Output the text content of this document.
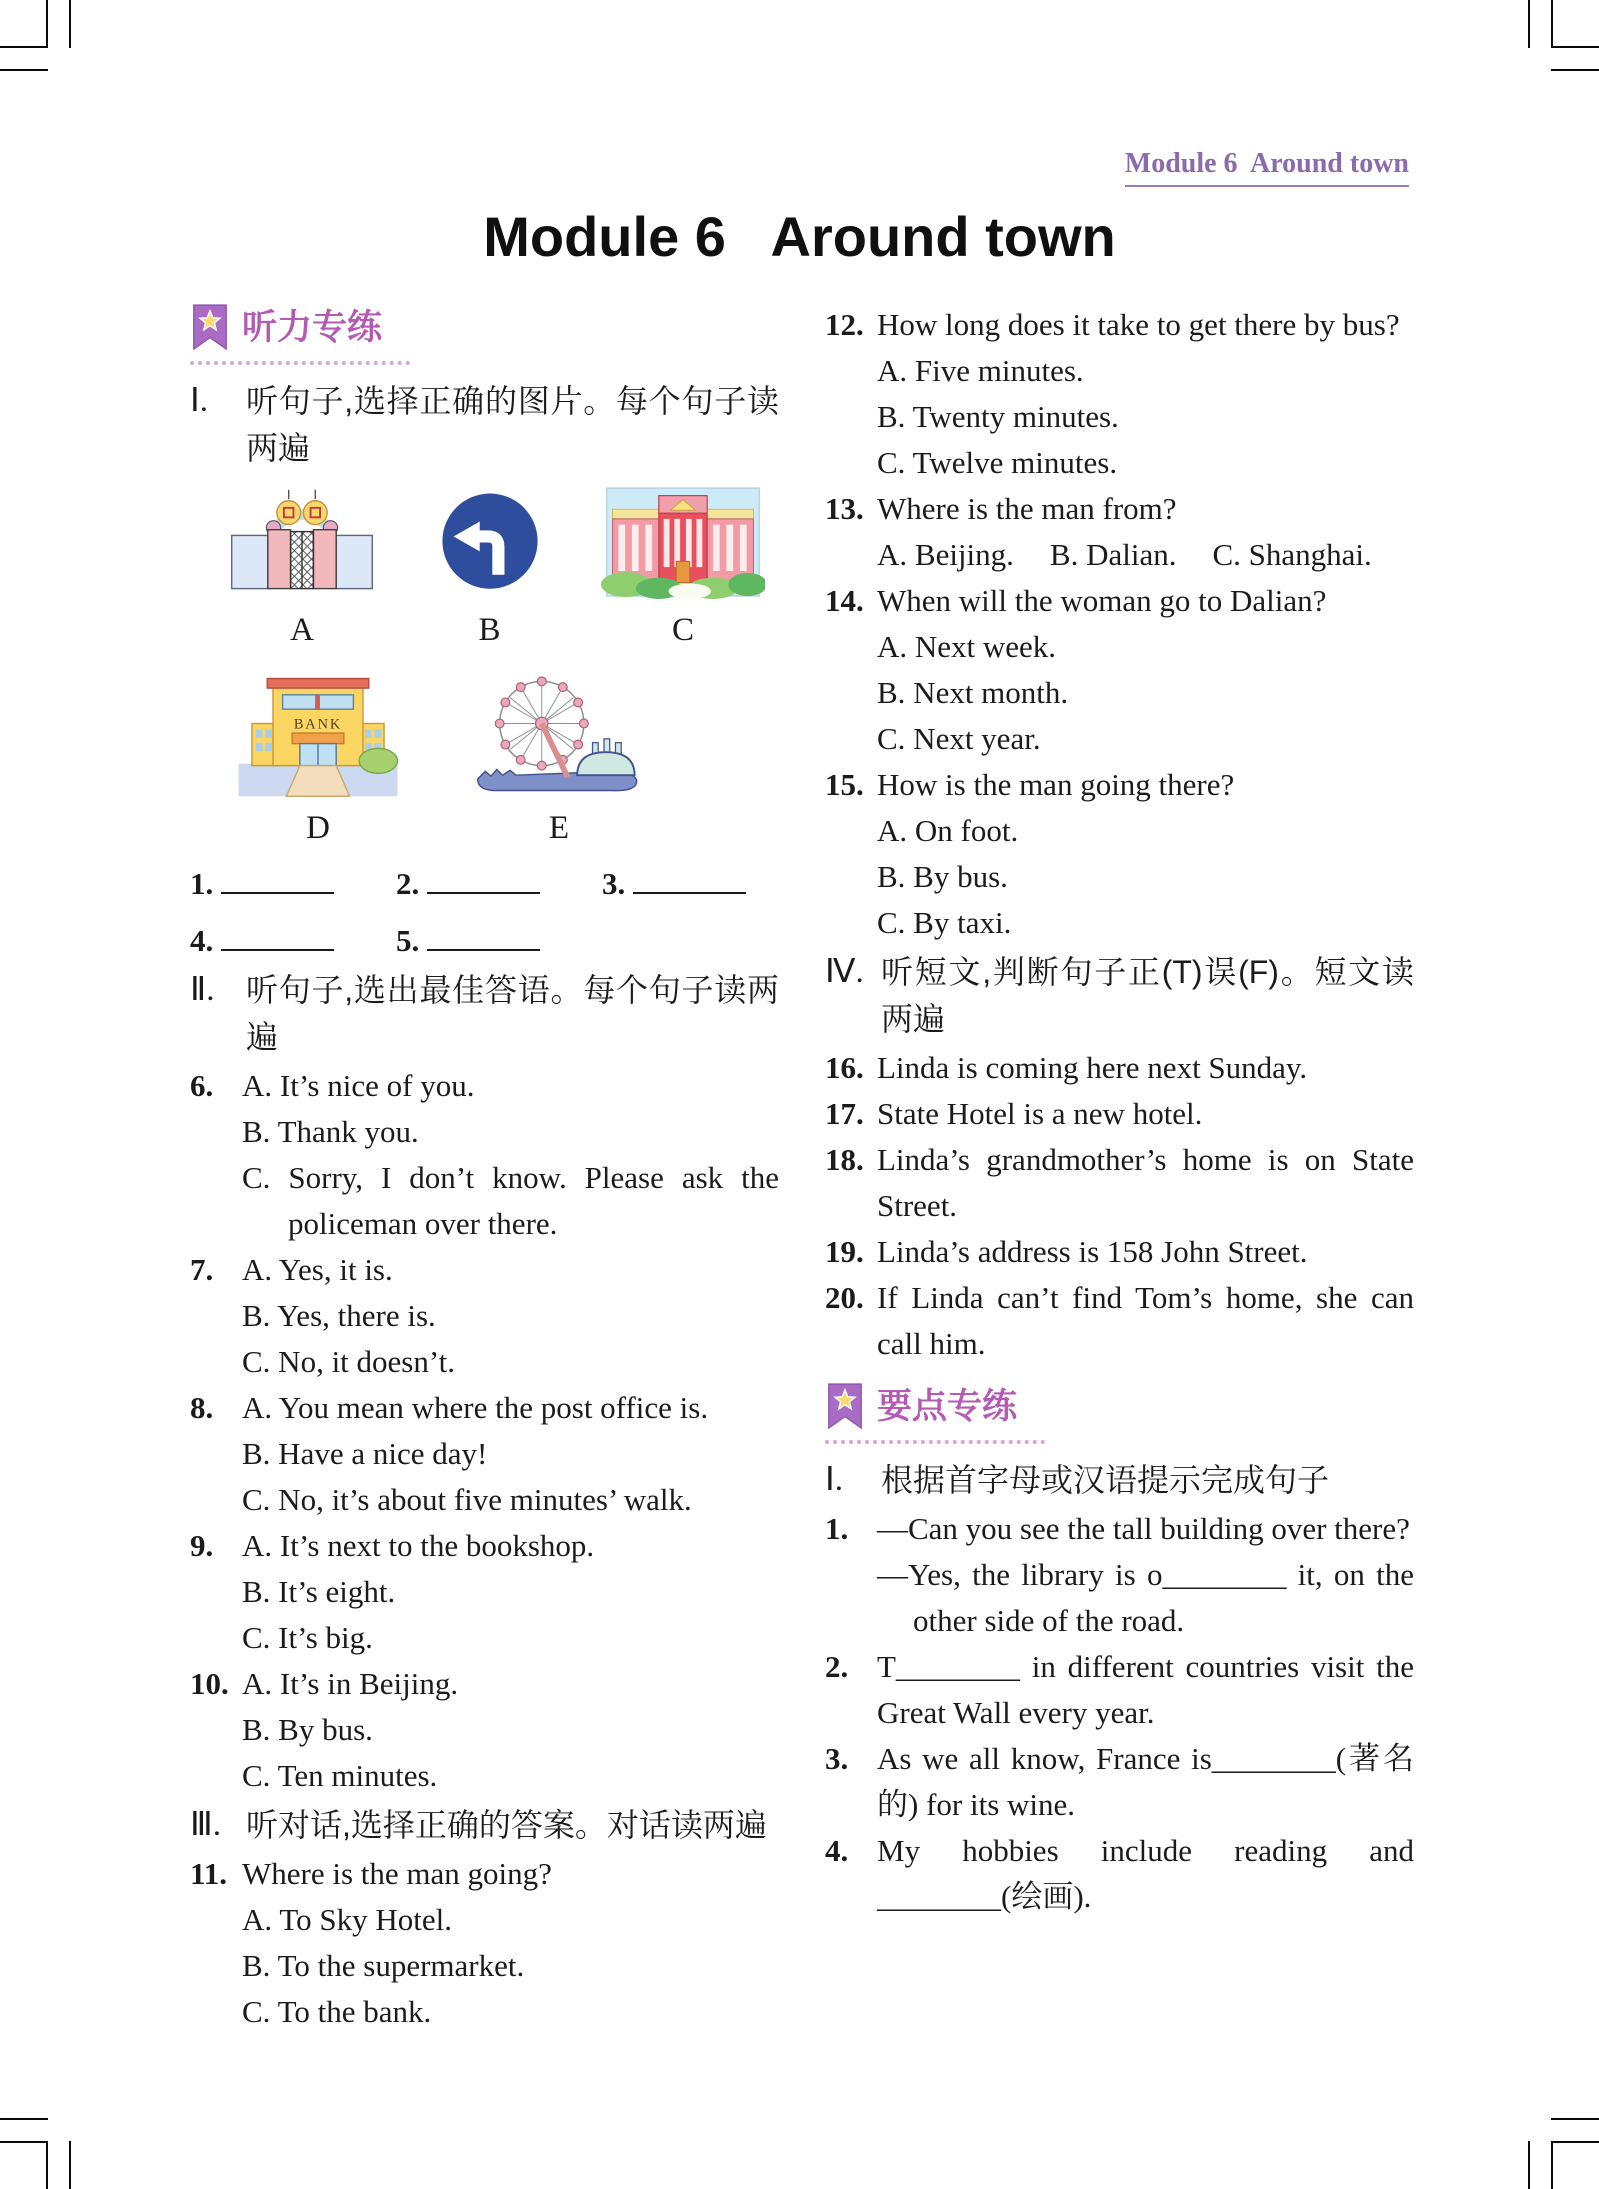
Module 6  Around town
Module 6   Around town
听力专练
Ⅰ.	听句子,选择正确的图片。每个句子读两遍
A	B	C
BANK
D	E
1.	2.	3.
4.	5.
Ⅱ. 听句子,选出最佳答语。每个句子读两遍
6. A. It’s nice of you.
B. Thank you.
C. Sorry, I don’t know. Please ask the policeman over there.
7. A. Yes, it is.
B. Yes, there is.
C. No, it doesn’t.
8. A. You mean where the post office is.
B. Have a nice day!
C. No, it’s about five minutes’ walk.
9. A. It’s next to the bookshop.
B. It’s eight.
C. It’s big.
10. A. It’s in Beijing.
B. By bus.
C. Ten minutes.
Ⅲ. 听对话,选择正确的答案。对话读两遍
11. Where is the man going?
A. To Sky Hotel.
B. To the supermarket.
C. To the bank.
12. How long does it take to get there by bus?
A. Five minutes.
B. Twenty minutes.
C. Twelve minutes.
13. Where is the man from?
A. Beijing. B. Dalian. C. Shanghai.
14. When will the woman go to Dalian?
A. Next week.
B. Next month.
C. Next year.
15. How is the man going there?
A. On foot.
B. By bus.
C. By taxi.
Ⅳ. 听短文,判断句子正(T)误(F)。短文读两遍
16. Linda is coming here next Sunday.
17. State Hotel is a new hotel.
18. Linda’s grandmother’s home is on State Street.
19. Linda’s address is 158 John Street.
20. If Linda can’t find Tom’s home, she can call him.
要点专练
Ⅰ.	根据首字母或汉语提示完成句子
1. —Can you see the tall building over there?
—Yes, the library is o________ it, on the other side of the road.
2. T________ in different countries visit the Great Wall every year.
3. As we all know, France is________(著名的) for its wine.
4. My hobbies include reading and ________(绘画).
